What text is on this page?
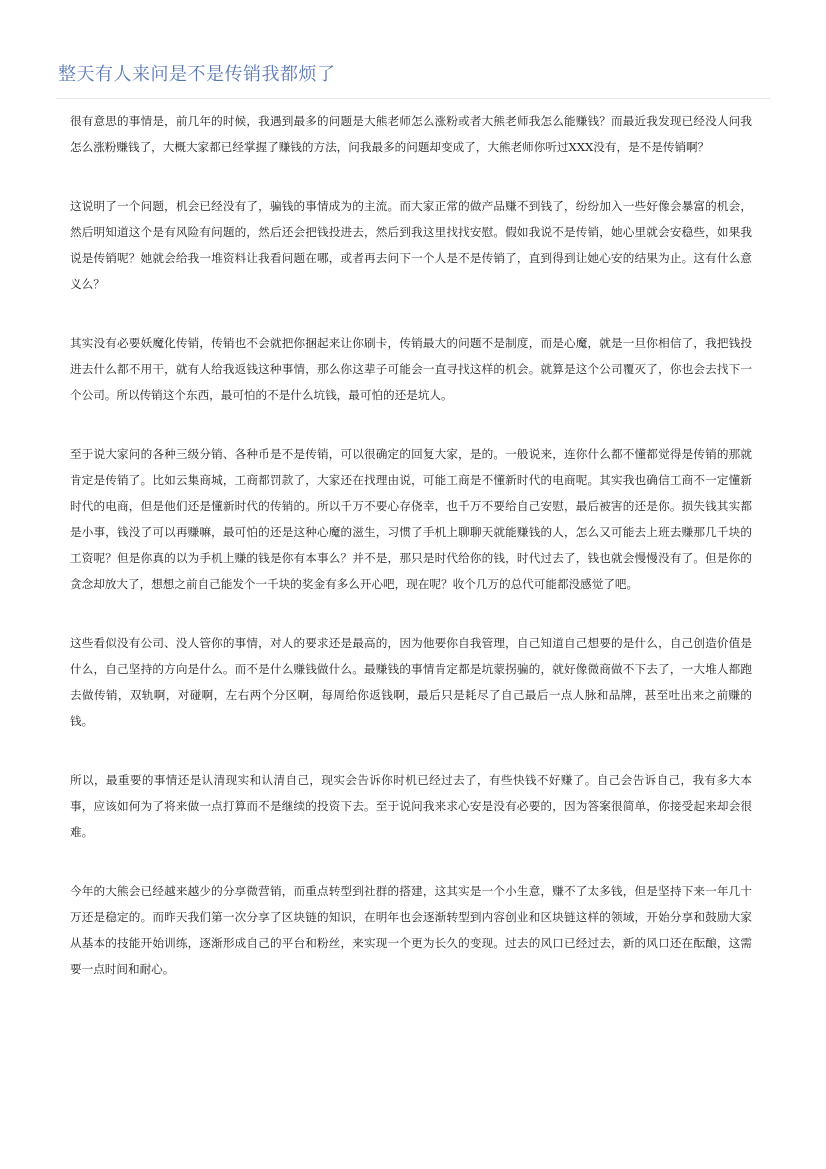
整天有人来问是不是传销我都烦了

很有意思的事情是，前几年的时候，我遇到最多的问题是大熊老师怎么涨粉或者大熊老师我怎么能赚钱？而最近我发现已经没人问我怎么涨粉赚钱了，大概大家都已经掌握了赚钱的方法，问我最多的问题却变成了，大熊老师你听过XXX没有，是不是传销啊？

这说明了一个问题，机会已经没有了，骗钱的事情成为的主流。而大家正常的做产品赚不到钱了，纷纷加入一些好像会暴富的机会，然后明知道这个是有风险有问题的，然后还会把钱投进去，然后到我这里找找安慰。假如我说不是传销，她心里就会安稳些，如果我说是传销呢？她就会给我一堆资料让我看问题在哪，或者再去问下一个人是不是传销了，直到得到让她心安的结果为止。这有什么意义么？

其实没有必要妖魔化传销，传销也不会就把你捆起来让你刷卡，传销最大的问题不是制度，而是心魔，就是一旦你相信了，我把钱投进去什么都不用干，就有人给我返钱这种事情，那么你这辈子可能会一直寻找这样的机会。就算是这个公司覆灭了，你也会去找下一个公司。所以传销这个东西，最可怕的不是什么坑钱，最可怕的还是坑人。

至于说大家问的各种三级分销、各种币是不是传销，可以很确定的回复大家，是的。一般说来，连你什么都不懂都觉得是传销的那就肯定是传销了。比如云集商城，工商都罚款了，大家还在找理由说，可能工商是不懂新时代的电商呢。其实我也确信工商不一定懂新时代的电商，但是他们还是懂新时代的传销的。所以千万不要心存侥幸，也千万不要给自己安慰，最后被害的还是你。损失钱其实都是小事，钱没了可以再赚嘛，最可怕的还是这种心魔的滋生，习惯了手机上聊聊天就能赚钱的人，怎么又可能去上班去赚那几千块的工资呢？但是你真的以为手机上赚的钱是你有本事么？并不是，那只是时代给你的钱，时代过去了，钱也就会慢慢没有了。但是你的贪念却放大了，想想之前自己能发个一千块的奖金有多么开心吧，现在呢？收个几万的总代可能都没感觉了吧。

这些看似没有公司、没人管你的事情，对人的要求还是最高的，因为他要你自我管理，自己知道自己想要的是什么，自己创造价值是什么，自己坚持的方向是什么。而不是什么赚钱做什么。最赚钱的事情肯定都是坑蒙拐骗的，就好像微商做不下去了，一大堆人都跑去做传销，双轨啊，对碰啊，左右两个分区啊，每周给你返钱啊，最后只是耗尽了自己最后一点人脉和品牌，甚至吐出来之前赚的钱。

所以，最重要的事情还是认清现实和认清自己，现实会告诉你时机已经过去了，有些快钱不好赚了。自己会告诉自己，我有多大本事，应该如何为了将来做一点打算而不是继续的投资下去。至于说问我来求心安是没有必要的，因为答案很简单，你接受起来却会很难。

今年的大熊会已经越来越少的分享微营销，而重点转型到社群的搭建，这其实是一个小生意，赚不了太多钱，但是坚持下来一年几十万还是稳定的。而昨天我们第一次分享了区块链的知识，在明年也会逐渐转型到内容创业和区块链这样的领域，开始分享和鼓励大家从基本的技能开始训练，逐渐形成自己的平台和粉丝，来实现一个更为长久的变现。过去的风口已经过去，新的风口还在酝酿，这需要一点时间和耐心。
